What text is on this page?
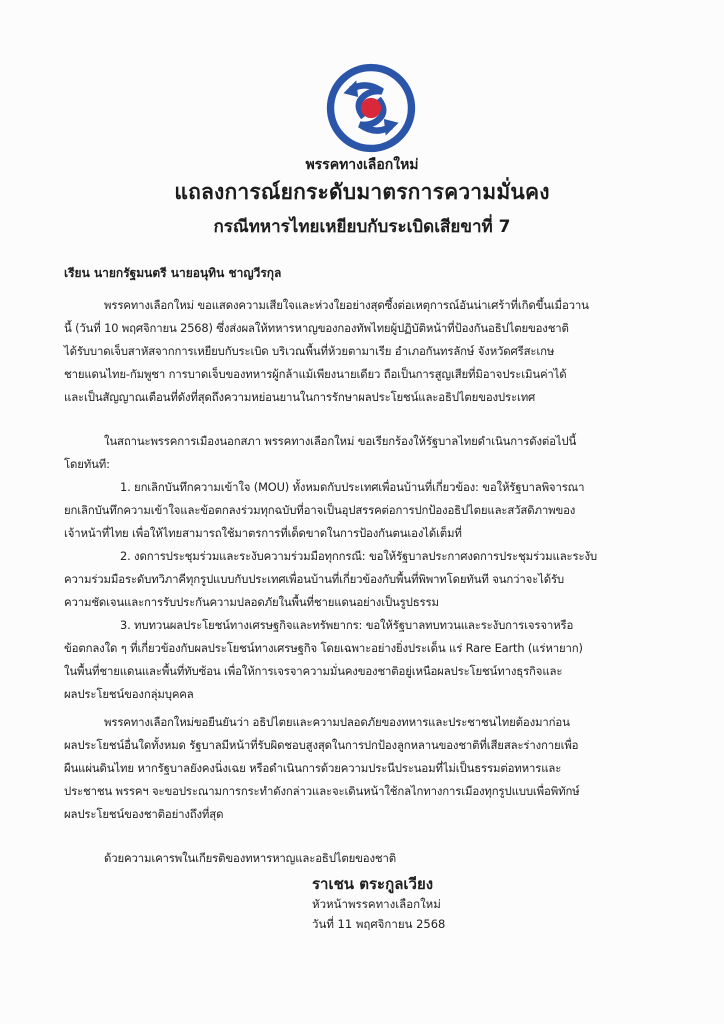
พรรคทางเลือกใหม่
แถลงการณ์ยกระดับมาตรการความมั่นคง
กรณีทหารไทยเหยียบกับระเบิดเสียขาที่ 7
เรียน นายกรัฐมนตรี นายอนุทิน ชาญวีรกุล
พรรคทางเลือกใหม่ ขอแสดงความเสียใจและห่วงใยอย่างสุดซึ้งต่อเหตุการณ์อันน่าเศร้าที่เกิดขึ้นเมื่อวาน
นี้ (วันที่ 10 พฤศจิกายน 2568) ซึ่งส่งผลให้ทหารหาญของกองทัพไทยผู้ปฏิบัติหน้าที่ป้องกันอธิปไตยของชาติ
ได้รับบาดเจ็บสาหัสจากการเหยียบกับระเบิด บริเวณพื้นที่ห้วยตามาเรีย อำเภอกันทรลักษ์ จังหวัดศรีสะเกษ
ชายแดนไทย-กัมพูชา การบาดเจ็บของทหารผู้กล้าแม้เพียงนายเดียว ถือเป็นการสูญเสียที่มิอาจประเมินค่าได้
และเป็นสัญญาณเตือนที่ดังที่สุดถึงความหย่อนยานในการรักษาผลประโยชน์และอธิปไตยของประเทศ
ในสถานะพรรคการเมืองนอกสภา พรรคทางเลือกใหม่ ขอเรียกร้องให้รัฐบาลไทยดำเนินการดังต่อไปนี้
โดยทันที:
1. ยกเลิกบันทึกความเข้าใจ (MOU) ทั้งหมดกับประเทศเพื่อนบ้านที่เกี่ยวข้อง: ขอให้รัฐบาลพิจารณา
ยกเลิกบันทึกความเข้าใจและข้อตกลงร่วมทุกฉบับที่อาจเป็นอุปสรรคต่อการปกป้องอธิปไตยและสวัสดิภาพของ
เจ้าหน้าที่ไทย เพื่อให้ไทยสามารถใช้มาตรการที่เด็ดขาดในการป้องกันตนเองได้เต็มที่
2. งดการประชุมร่วมและระงับความร่วมมือทุกกรณี: ขอให้รัฐบาลประกาศงดการประชุมร่วมและระงับ
ความร่วมมือระดับทวิภาคีทุกรูปแบบกับประเทศเพื่อนบ้านที่เกี่ยวข้องกับพื้นที่พิพาทโดยทันที จนกว่าจะได้รับ
ความชัดเจนและการรับประกันความปลอดภัยในพื้นที่ชายแดนอย่างเป็นรูปธรรม
3. ทบทวนผลประโยชน์ทางเศรษฐกิจและทรัพยากร: ขอให้รัฐบาลทบทวนและระงับการเจรจาหรือ
ข้อตกลงใด ๆ ที่เกี่ยวข้องกับผลประโยชน์ทางเศรษฐกิจ โดยเฉพาะอย่างยิ่งประเด็น แร่ Rare Earth (แร่หายาก)
ในพื้นที่ชายแดนและพื้นที่ทับซ้อน เพื่อให้การเจรจาความมั่นคงของชาติอยู่เหนือผลประโยชน์ทางธุรกิจและ
ผลประโยชน์ของกลุ่มบุคคล
พรรคทางเลือกใหม่ขอยืนยันว่า อธิปไตยและความปลอดภัยของทหารและประชาชนไทยต้องมาก่อน
ผลประโยชน์อื่นใดทั้งหมด รัฐบาลมีหน้าที่รับผิดชอบสูงสุดในการปกป้องลูกหลานของชาติที่เสียสละร่างกายเพื่อ
ผืนแผ่นดินไทย หากรัฐบาลยังคงนิ่งเฉย หรือดำเนินการด้วยความประนีประนอมที่ไม่เป็นธรรมต่อทหารและ
ประชาชน พรรคฯ จะขอประณามการกระทำดังกล่าวและจะเดินหน้าใช้กลไกทางการเมืองทุกรูปแบบเพื่อพิทักษ์
ผลประโยชน์ของชาติอย่างถึงที่สุด
ด้วยความเคารพในเกียรติของทหารหาญและอธิปไตยของชาติ
ราเชน ตระกูลเวียง
หัวหน้าพรรคทางเลือกใหม่
วันที่ 11 พฤศจิกายน 2568
